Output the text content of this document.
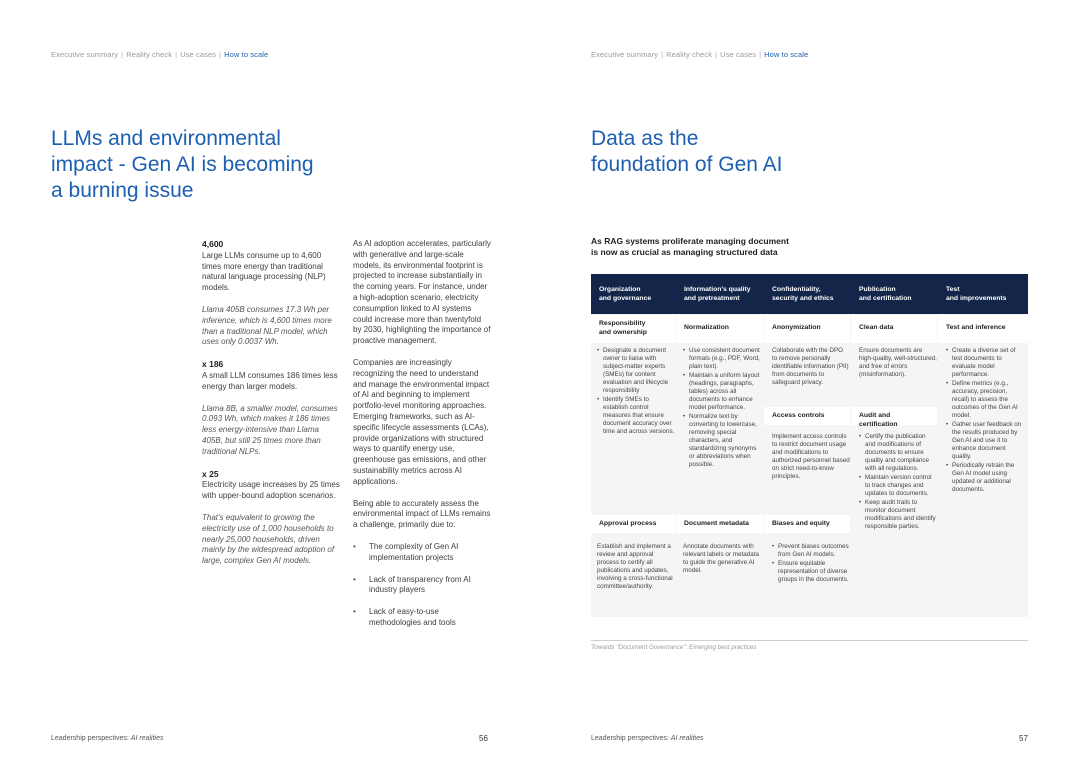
Executive summary | Reality check | Use cases | How to scale
LLMs and environmental
impact - Gen AI is becoming
a burning issue
4,600

Large LLMs consume up to 4,600 times more energy than traditional natural language processing (NLP) models.

Llama 405B consumes 17.3 Wh per inference, which is 4,600 times more than a traditional NLP model, which uses only 0.0037 Wh.

x 186

A small LLM consumes 186 times less energy than larger models.

Llama 8B, a smaller model, consumes 0.093 Wh, which makes it 186 times less energy-intensive than Llama 405B, but still 25 times more than traditional NLPs.

x 25

Electricity usage increases by 25 times with upper-bound adoption scenarios.

That's equivalent to growing the electricity use of 1,000 households to nearly 25,000 households, driven mainly by the widespread adoption of large, complex Gen AI models.

As AI adoption accelerates, particularly with generative and large-scale models, its environmental footprint is projected to increase substantially in the coming years. For instance, under a high-adoption scenario, electricity consumption linked to AI systems could increase more than twentyfold by 2030, highlighting the importance of proactive management.

Companies are increasingly recognizing the need to understand and manage the environmental impact of AI and beginning to implement portfolio-level monitoring approaches. Emerging frameworks, such as AI-specific lifecycle assessments (LCAs), provide organizations with structured ways to quantify energy use, greenhouse gas emissions, and other sustainability metrics across AI applications.

Being able to accurately assess the environmental impact of LLMs remains a challenge, primarily due to:

• The complexity of Gen AI implementation projects
• Lack of transparency from AI industry players
• Lack of easy-to-use methodologies and tools
Leadership perspectives: AI realities	56
Executive summary | Reality check | Use cases | How to scale
Data as the
foundation of Gen AI
As RAG systems proliferate managing document
is now as crucial as managing structured data
Organization
and governance
Information's quality
and pretreatment
Confidentiality,
security and ethics
Publication
and certification
Test
and improvements
Responsibility
and ownership
• Designate a document owner to liaise with subject-matter experts (SMEs) for content evaluation and lifecycle responsibility
• Identify SMEs to establish control measures that ensure document accuracy over time and across versions.
Approval process
Establish and implement a review and approval process to certify all publications and updates, involving a cross-functional committee/authority.
Normalization
• Use consistent document formats (e.g., PDF, Word, plain text).
• Maintain a uniform layout (headings, paragraphs, tables) across all documents to enhance model performance.
• Normalize text by converting to lowercase, removing special characters, and standardizing synonyms or abbreviations when possible.
Document metadata
Annotate documents with relevant labels or metadata to guide the generative AI model.
Anonymization
Collaborate with the DPO to remove personally identifiable information (PII) from documents to safeguard privacy.
Access controls
Implement access controls to restrict document usage and modifications to authorized personnel based on strict need-to-know principles.
Biases and equity
• Prevent biases outcomes from Gen AI models.
• Ensure equitable representation of diverse groups in the documents.
Clean data
Ensure documents are high-quality, well-structured, and free of errors (misinformation).
Audit and certification
• Certify the publication and modifications of documents to ensure quality and compliance with all regulations.
• Maintain version control to track changes and updates to documents.
• Keep audit trails to monitor document modifications and identify responsible parties.
Test and inference
• Create a diverse set of test documents to evaluate model performance.
• Define metrics (e.g., accuracy, precision, recall) to assess the outcomes of the Gen AI model.
• Gather user feedback on the results produced by Gen AI and use it to enhance document quality.
• Periodically retrain the Gen AI model using updated or additional documents.
Towards "Document Governance": Emerging best practices
Leadership perspectives: AI realities	57
